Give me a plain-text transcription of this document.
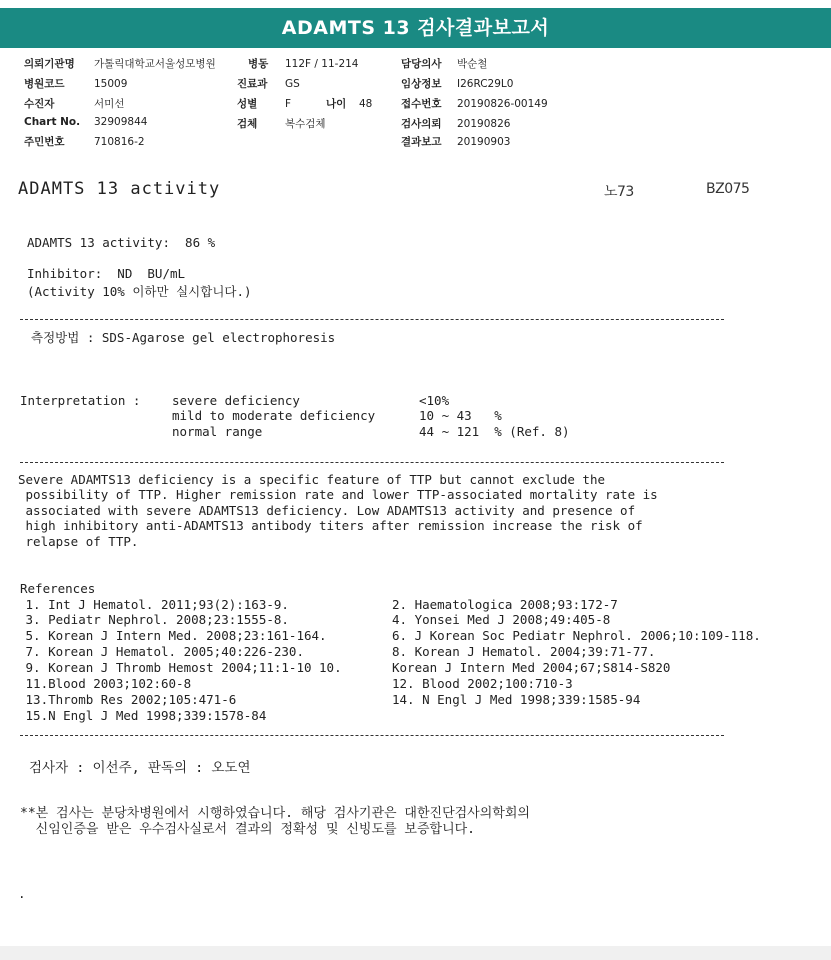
ADAMTS 13 검사결과보고서
의뢰기관명 가톨릭대학교서울성모병원	병동 112F / 11-214	담당의사 박순철
병원코드	15009	진료과 GS	임상정보 I26RC29L0
수진자	서미선	성별	F	나이 48	접수번호 20190826-00149
Chart No. 32909844	검체	복수검체	검사의뢰 20190826
주민번호	710816-2	결과보고 20190903
ADAMTS 13 activity	노73	BZ075
ADAMTS 13 activity:  86 %
Inhibitor:  ND  BU/mL
(Activity 10% 이하만 실시합니다.)
측정방법 : SDS-Agarose gel electrophoresis
Interpretation :	severe deficiency	<10%
mild to moderate deficiency	10 ~ 43   %
normal range	44 ~ 121  % (Ref. 8)
Severe ADAMTS13 deficiency is a specific feature of TTP but cannot exclude the
possibility of TTP. Higher remission rate and lower TTP-associated mortality rate is
associated with severe ADAMTS13 deficiency. Low ADAMTS13 activity and presence of
high inhibitory anti-ADAMTS13 antibody titers after remission increase the risk of
relapse of TTP.
References
1. Int J Hematol. 2011;93(2):163-9.	2. Haematologica 2008;93:172-7
3. Pediatr Nephrol. 2008;23:1555-8.	4. Yonsei Med J 2008;49:405-8
5. Korean J Intern Med. 2008;23:161-164.	6. J Korean Soc Pediatr Nephrol. 2006;10:109-118.
7. Korean J Hematol. 2005;40:226-230.	8. Korean J Hematol. 2004;39:71-77.
9. Korean J Thromb Hemost 2004;11:1-10 10.	Korean J Intern Med 2004;67;S814-S820
11.Blood 2003;102:60-8	12. Blood 2002;100:710-3
13.Thromb Res 2002;105:471-6	14. N Engl J Med 1998;339:1585-94
15.N Engl J Med 1998;339:1578-84
검사자 : 이선주, 판독의 : 오도연
**본 검사는 분당차병원에서 시행하였습니다. 해당 검사기관은 대한진단검사의학회의
신임인증을 받은 우수검사실로서 결과의 정확성 및 신빙도를 보증합니다.
.
